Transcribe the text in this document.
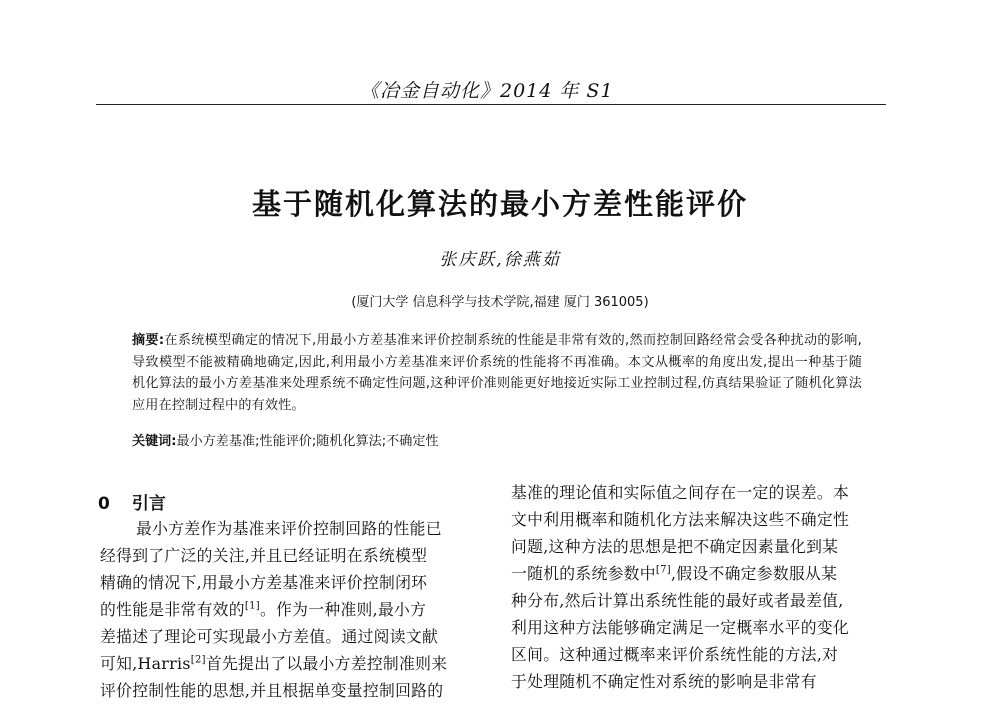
《冶金自动化》2014 年 S1
基于随机化算法的最小方差性能评价
张庆跃,徐燕茹
(厦门大学 信息科学与技术学院,福建 厦门 361005)
摘要:在系统模型确定的情况下,用最小方差基准来评价控制系统的性能是非常有效的,然而控制回路经常会受各种扰动的影响,导致模型不能被精确地确定,因此,利用最小方差基准来评价系统的性能将不再准确。本文从概率的角度出发,提出一种基于随机化算法的最小方差基准来处理系统不确定性问题,这种评价准则能更好地接近实际工业控制过程,仿真结果验证了随机化算法应用在控制过程中的有效性。
关键词:最小方差基准;性能评价;随机化算法;不确定性
0 引言
最小方差作为基准来评价控制回路的性能已
经得到了广泛的关注,并且已经证明在系统模型
精确的情况下,用最小方差基准来评价控制闭环
的性能是非常有效的[1]。作为一种准则,最小方
差描述了理论可实现最小方差值。通过阅读文献
可知,Harris[2]首先提出了以最小方差控制准则来
评价控制性能的思想,并且根据单变量控制回路的
基准的理论值和实际值之间存在一定的误差。本
文中利用概率和随机化方法来解决这些不确定性
问题,这种方法的思想是把不确定因素量化到某
一随机的系统参数中[7],假设不确定参数服从某
种分布,然后计算出系统性能的最好或者最差值,
利用这种方法能够确定满足一定概率水平的变化
区间。这种通过概率来评价系统性能的方法,对
于处理随机不确定性对系统的影响是非常有
